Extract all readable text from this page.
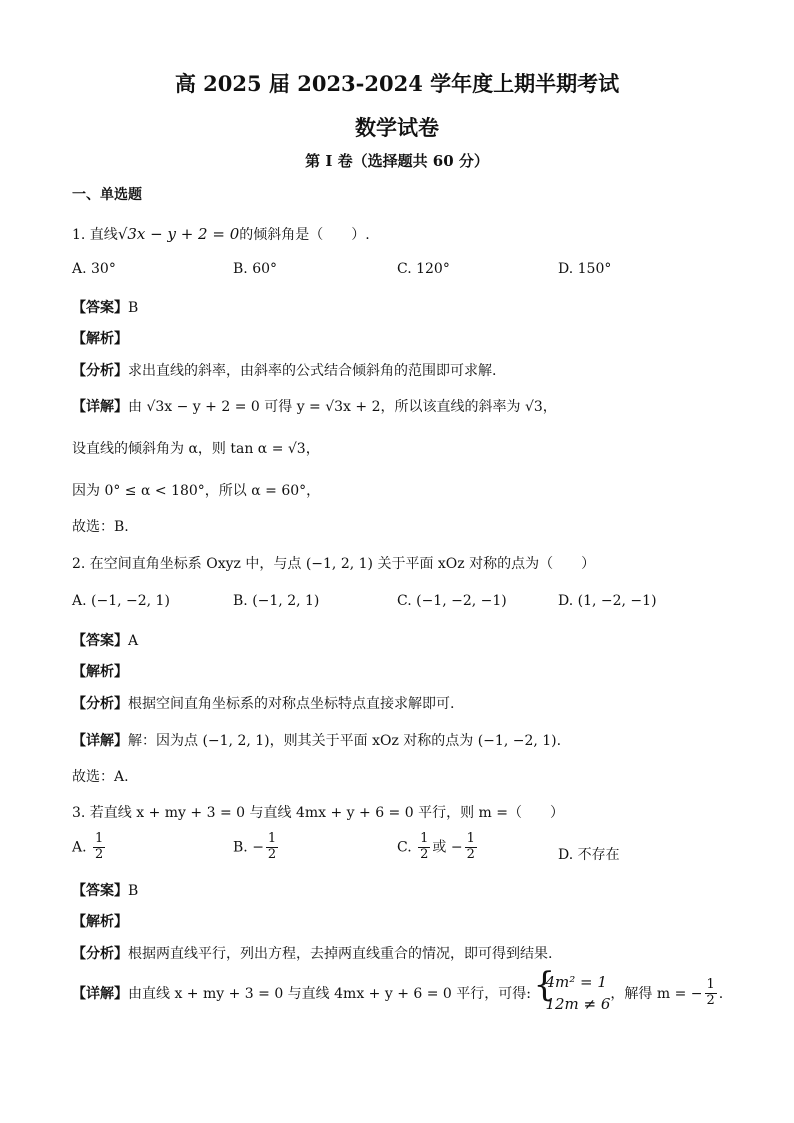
高 2025 届 2023-2024 学年度上期半期考试
数学试卷
第 I 卷（选择题共 60 分）
一、单选题
1. 直线√3x − y + 2 = 0的倾斜角是（　　）.
A. 30°	B. 60°	C. 120°	D. 150°
【答案】B
【解析】
【分析】求出直线的斜率，由斜率的公式结合倾斜角的范围即可求解.
【详解】由 √3x − y + 2 = 0 可得 y = √3x + 2，所以该直线的斜率为 √3，
设直线的倾斜角为 α，则 tan α = √3，
因为 0° ≤ α < 180°，所以 α = 60°，
故选：B.
2. 在空间直角坐标系 Oxyz 中，与点 (−1, 2, 1) 关于平面 xOz 对称的点为（　　）
A. (−1, −2, 1)	B. (−1, 2, 1)	C. (−1, −2, −1)	D. (1, −2, −1)
【答案】A
【解析】
【分析】根据空间直角坐标系的对称点坐标特点直接求解即可.
【详解】解：因为点 (−1, 2, 1)，则其关于平面 xOz 对称的点为 (−1, −2, 1).
故选：A.
3. 若直线 x + my + 3 = 0 与直线 4mx + y + 6 = 0 平行，则 m =（　　）
A. $\frac{1}{2}$	B. − $\frac{1}{2}$	C. $\frac{1}{2}$ 或 − $\frac{1}{2}$	D. 不存在
【答案】B
【解析】
【分析】根据两直线平行，列出方程，去掉两直线重合的情况，即可得到结果.
【详解】由直线 x + my + 3 = 0 与直线 4mx + y + 6 = 0 平行，可得: {
4m² = 1
12m ≠ 6
，解得 m = − $\frac{1}{2}$ .
